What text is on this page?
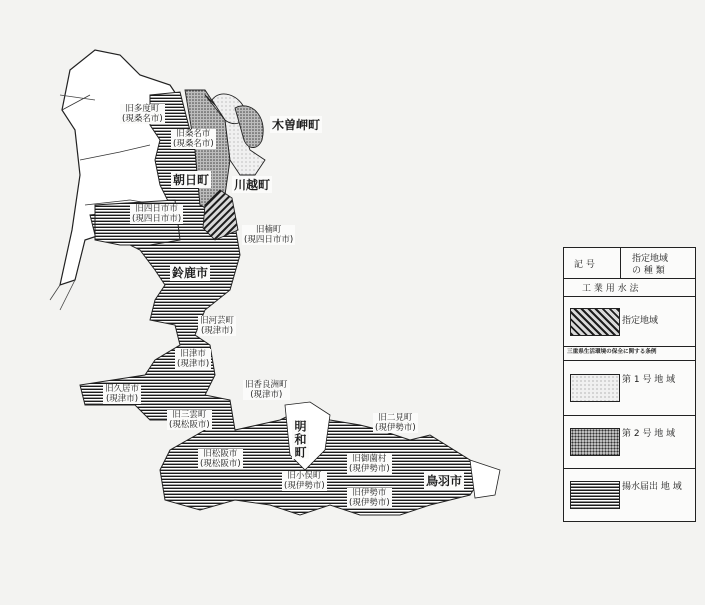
旧多度町
(現桑名市)
旧桑名市
(現桑名市)
旧四日市市
(現四日市市)
旧楠町
(現四日市市)
旧河芸町
(現津市)
旧津市
(現津市)
旧久居市
(現津市)
旧香良洲町
(現津市)
旧三雲町
(現松阪市)
旧松阪市
(現松阪市)
旧小俣町
(現伊勢市)
旧御薗村
(現伊勢市)
旧伊勢市
(現伊勢市)
旧二見町
(現伊勢市)
木曽岬町
朝日町 川越町
鈴鹿市
明和町
鳥羽市
記 号
指定地域
の 種 類
工 業 用 水 法
指定地域
三重県生活環境の保全に関する条例
第 1 号 地 域
第 2 号 地 域
揚水届出 地 域
